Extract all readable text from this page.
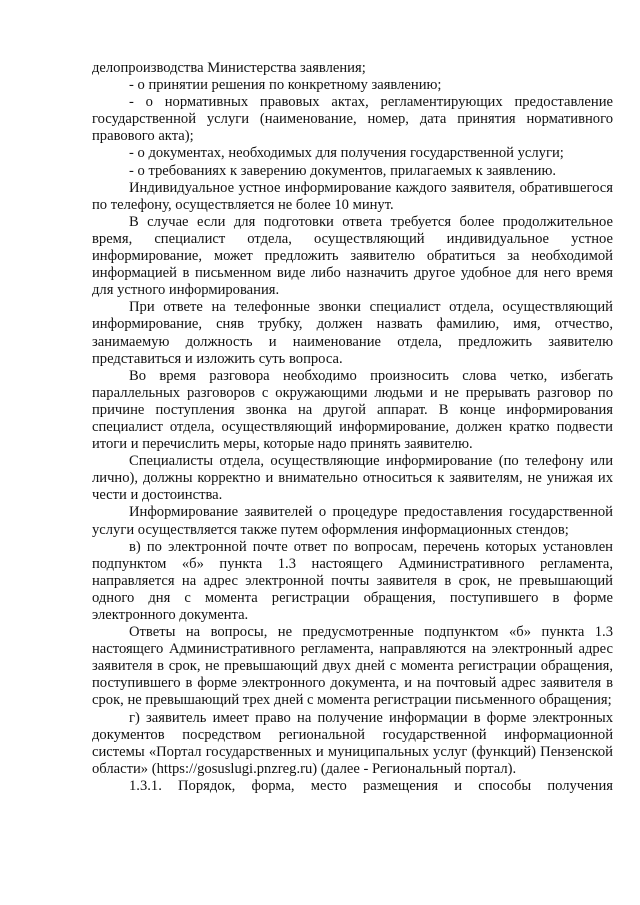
делопроизводства Министерства заявления;

- о принятии решения по конкретному заявлению;

- о нормативных правовых актах, регламентирующих предоставление государственной услуги (наименование, номер, дата принятия нормативного правового акта);

- о документах, необходимых для получения государственной услуги;

- о требованиях к заверению документов, прилагаемых к заявлению.

Индивидуальное устное информирование каждого заявителя, обратившегося по телефону, осуществляется не более 10 минут.

В случае если для подготовки ответа требуется более продолжительное время, специалист отдела, осуществляющий индивидуальное устное информирование, может предложить заявителю обратиться за необходимой информацией в письменном виде либо назначить другое удобное для него время для устного информирования.

При ответе на телефонные звонки специалист отдела, осуществляющий информирование, сняв трубку, должен назвать фамилию, имя, отчество, занимаемую должность и наименование отдела, предложить заявителю представиться и изложить суть вопроса.

Во время разговора необходимо произносить слова четко, избегать параллельных разговоров с окружающими людьми и не прерывать разговор по причине поступления звонка на другой аппарат. В конце информирования специалист отдела, осуществляющий информирование, должен кратко подвести итоги и перечислить меры, которые надо принять заявителю.

Специалисты отдела, осуществляющие информирование (по телефону или лично), должны корректно и внимательно относиться к заявителям, не унижая их чести и достоинства.

Информирование заявителей о процедуре предоставления государственной услуги осуществляется также путем оформления информационных стендов;

в) по электронной почте ответ по вопросам, перечень которых установлен подпунктом «б» пункта 1.3 настоящего Административного регламента, направляется на адрес электронной почты заявителя в срок, не превышающий одного дня с момента регистрации обращения, поступившего в форме электронного документа.

Ответы на вопросы, не предусмотренные подпунктом «б» пункта 1.3 настоящего Административного регламента, направляются на электронный адрес заявителя в срок, не превышающий двух дней с момента регистрации обращения, поступившего в форме электронного документа, и на почтовый адрес заявителя в срок, не превышающий трех дней с момента регистрации письменного обращения;

г) заявитель имеет право на получение информации в форме электронных документов посредством региональной государственной информационной системы «Портал государственных и муниципальных услуг (функций) Пензенской области» (https://gosuslugi.pnzreg.ru) (далее - Региональный портал).

1.3.1. Порядок, форма, место размещения и способы получения
